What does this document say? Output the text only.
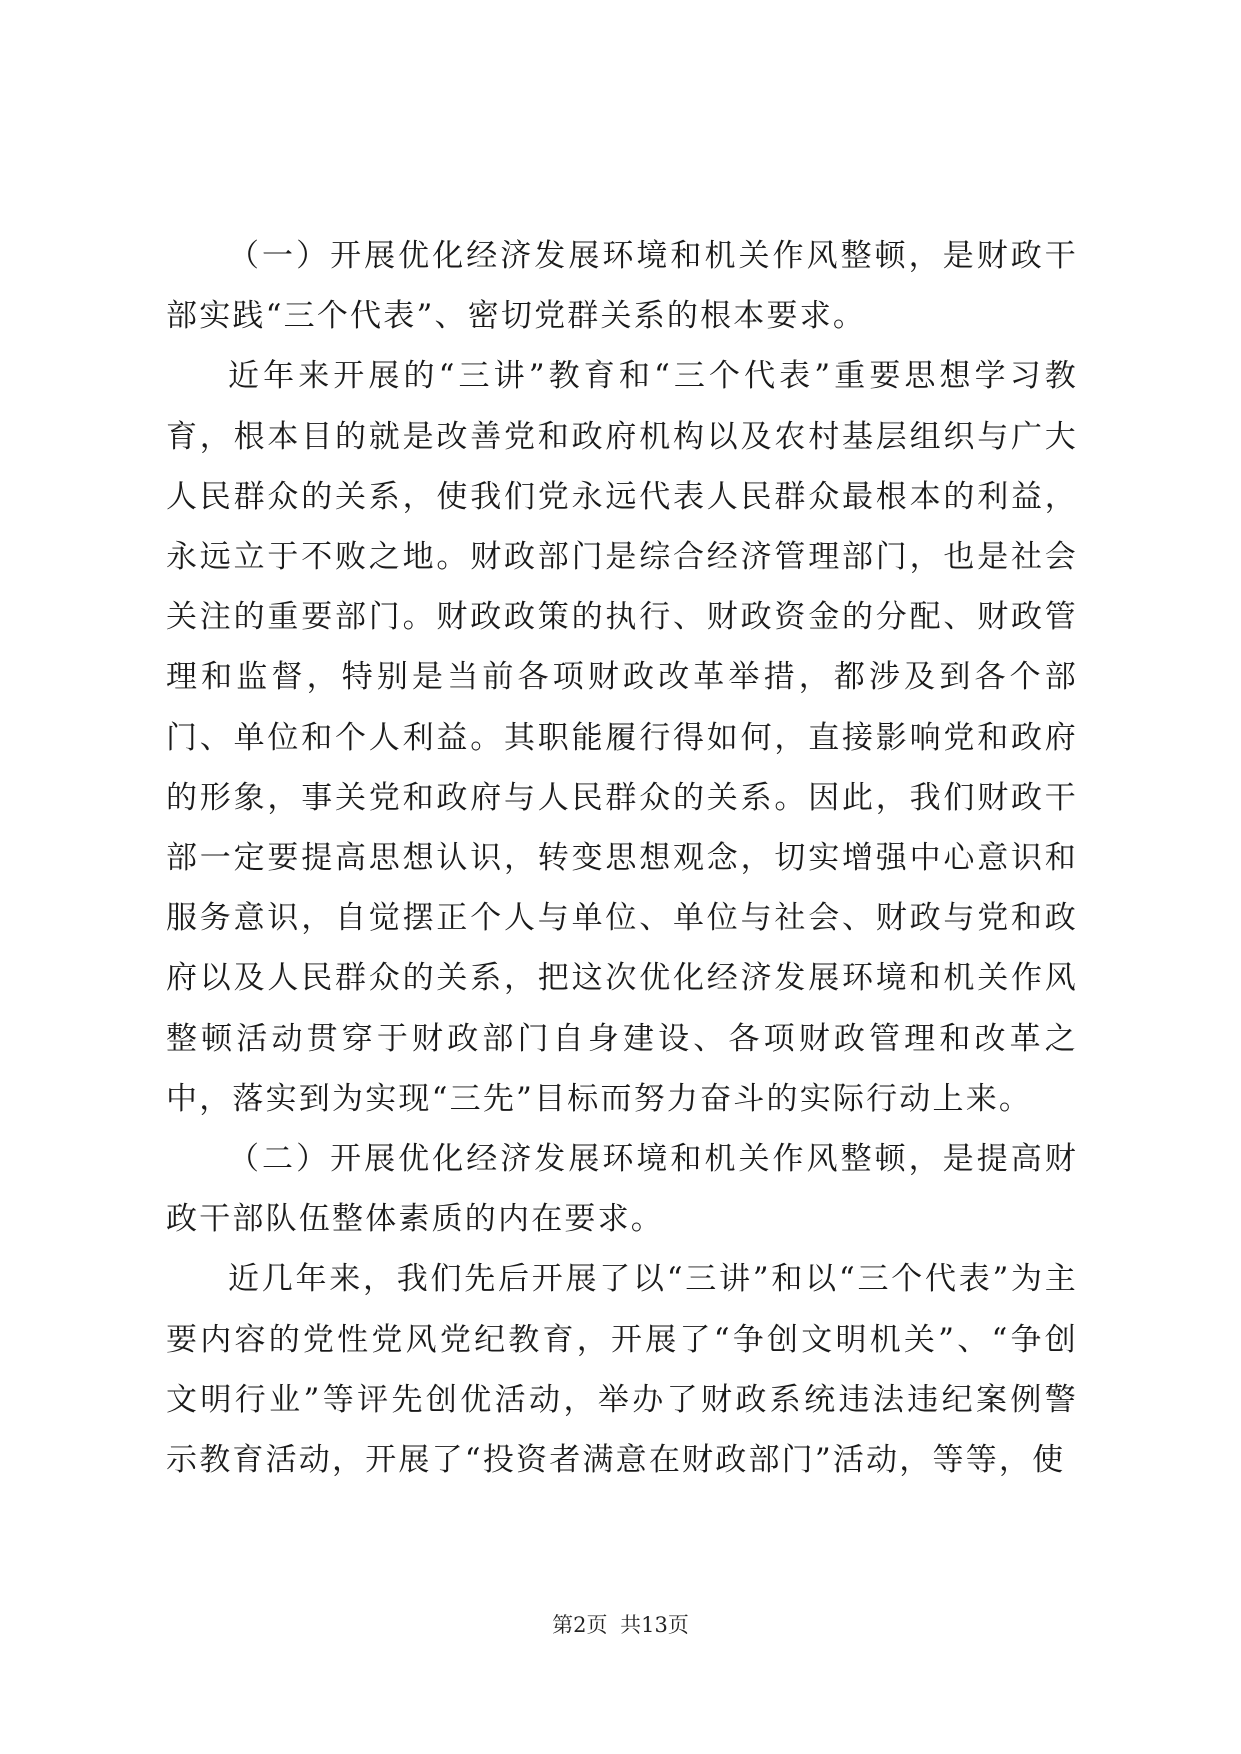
（一）开展优化经济发展环境和机关作风整顿，是财政干部实践“三个代表”、密切党群关系的根本要求。

近年来开展的“三讲”教育和“三个代表”重要思想学习教育，根本目的就是改善党和政府机构以及农村基层组织与广大人民群众的关系，使我们党永远代表人民群众最根本的利益，永远立于不败之地。财政部门是综合经济管理部门，也是社会关注的重要部门。财政政策的执行、财政资金的分配、财政管理和监督，特别是当前各项财政改革举措，都涉及到各个部门、单位和个人利益。其职能履行得如何，直接影响党和政府的形象，事关党和政府与人民群众的关系。因此，我们财政干部一定要提高思想认识，转变思想观念，切实增强中心意识和服务意识，自觉摆正个人与单位、单位与社会、财政与党和政府以及人民群众的关系，把这次优化经济发展环境和机关作风整顿活动贯穿于财政部门自身建设、各项财政管理和改革之中，落实到为实现“三先”目标而努力奋斗的实际行动上来。

（二）开展优化经济发展环境和机关作风整顿，是提高财政干部队伍整体素质的内在要求。

近几年来，我们先后开展了以“三讲”和以“三个代表”为主要内容的党性党风党纪教育，开展了“争创文明机关”、“争创文明行业”等评先创优活动，举办了财政系统违法违纪案例警示教育活动，开展了“投资者满意在财政部门”活动，等等，使

第2页 共13页
